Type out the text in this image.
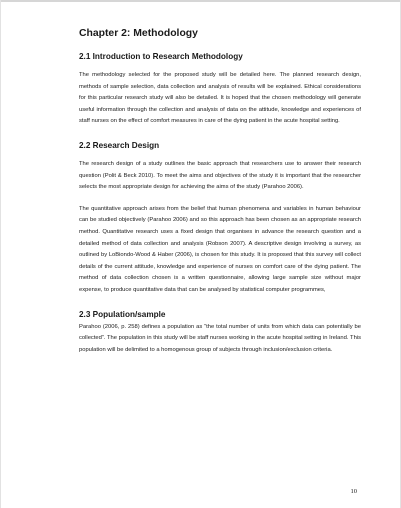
Chapter 2: Methodology
2.1 Introduction to Research Methodology

The methodology selected for the proposed study will be detailed here. The planned research design, methods of sample selection, data collection and analysis of results will be explained. Ethical considerations for this particular research study will also be detailed. It is hoped that the chosen methodology will generate useful information through the collection and analysis of data on the attitude, knowledge and experiences of staff nurses on the effect of comfort measures in care of the dying patient in the acute hospital setting.

2.2 Research Design

The research design of a study outlines the basic approach that researchers use to answer their research question (Polit & Beck 2010). To meet the aims and objectives of the study it is important that the researcher selects the most appropriate design for achieving the aims of the study (Parahoo 2006).

The quantitative approach arises from the belief that human phenomena and variables in human behaviour can be studied objectively (Parahoo 2006) and so this approach has been chosen as an appropriate research method. Quantitative research uses a fixed design that organises in advance the research question and a detailed method of data collection and analysis (Robson 2007). A descriptive design involving a survey, as outlined by LoBiondo-Wood & Haber (2006), is chosen for this study. It is proposed that this survey will collect details of the current attitude, knowledge and experience of nurses on comfort care of the dying patient. The method of data collection chosen is a written questionnaire, allowing large sample size without major expense, to produce quantitative data that can be analysed by statistical computer programmes,

2.3 Population/sample

Parahoo (2006, p. 258) defines a population as “the total number of units from which data can potentially be collected”. The population in this study will be staff nurses working in the acute hospital setting in Ireland. This population will be delimited to a homogenous group of subjects through inclusion/exclusion criteria.

10
